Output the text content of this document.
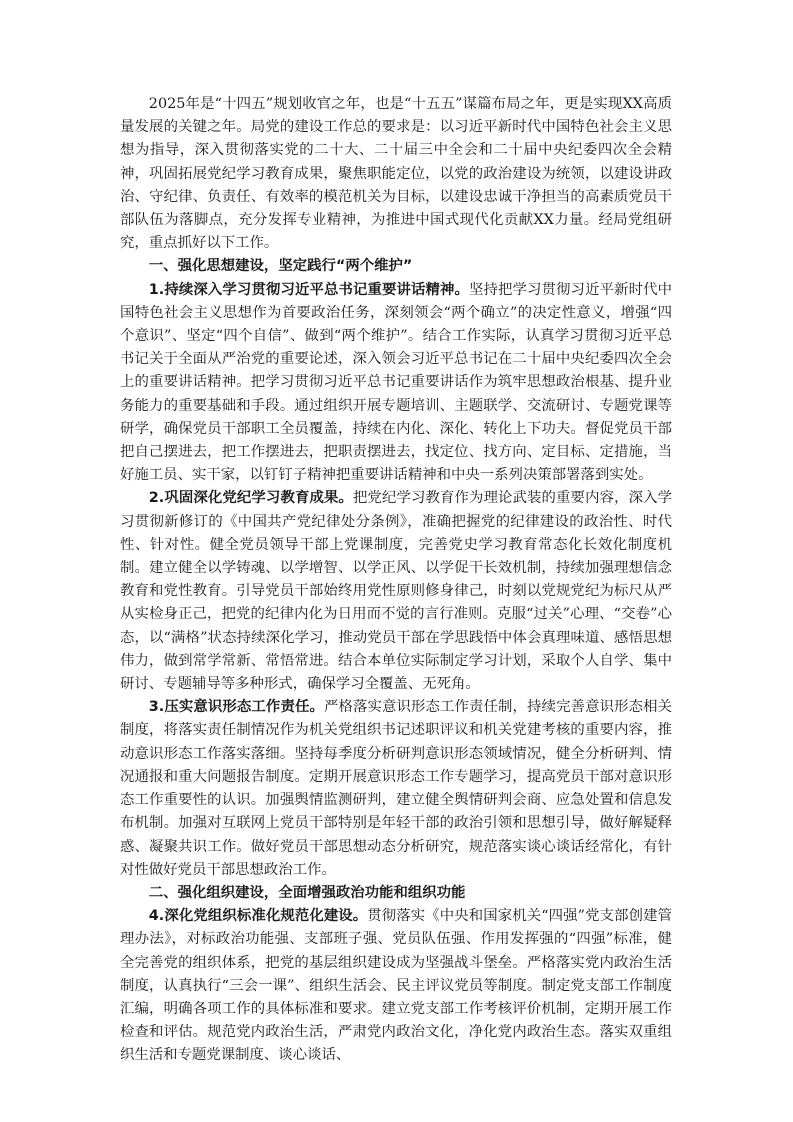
2025年是“十四五”规划收官之年，也是“十五五”谋篇布局之年，更是实现XX高质量发展的关键之年。局党的建设工作总的要求是：以习近平新时代中国特色社会主义思想为指导，深入贯彻落实党的二十大、二十届三中全会和二十届中央纪委四次全会精神，巩固拓展党纪学习教育成果，聚焦职能定位，以党的政治建设为统领，以建设讲政治、守纪律、负责任、有效率的模范机关为目标，以建设忠诚干净担当的高素质党员干部队伍为落脚点，充分发挥专业精神，为推进中国式现代化贡献XX力量。经局党组研究，重点抓好以下工作。

一、强化思想建设，坚定践行“两个维护”

1.持续深入学习贯彻习近平总书记重要讲话精神。坚持把学习贯彻习近平新时代中国特色社会主义思想作为首要政治任务，深刻领会“两个确立”的决定性意义，增强“四个意识”、坚定“四个自信”、做到“两个维护”。结合工作实际，认真学习贯彻习近平总书记关于全面从严治党的重要论述，深入领会习近平总书记在二十届中央纪委四次全会上的重要讲话精神。把学习贯彻习近平总书记重要讲话作为筑牢思想政治根基、提升业务能力的重要基础和手段。通过组织开展专题培训、主题联学、交流研讨、专题党课等研学，确保党员干部职工全员覆盖，持续在内化、深化、转化上下功夫。督促党员干部把自己摆进去，把工作摆进去，把职责摆进去，找定位、找方向、定目标、定措施，当好施工员、实干家，以钉钉子精神把重要讲话精神和中央一系列决策部署落到实处。

2.巩固深化党纪学习教育成果。把党纪学习教育作为理论武装的重要内容，深入学习贯彻新修订的《中国共产党纪律处分条例》，准确把握党的纪律建设的政治性、时代性、针对性。健全党员领导干部上党课制度，完善党史学习教育常态化长效化制度机制。建立健全以学铸魂、以学增智、以学正风、以学促干长效机制，持续加强理想信念教育和党性教育。引导党员干部始终用党性原则修身律己，时刻以党规党纪为标尺从严从实检身正己，把党的纪律内化为日用而不觉的言行准则。克服“过关”心理、“交卷”心态，以“满格”状态持续深化学习，推动党员干部在学思践悟中体会真理味道、感悟思想伟力，做到常学常新、常悟常进。结合本单位实际制定学习计划，采取个人自学、集中研讨、专题辅导等多种形式，确保学习全覆盖、无死角。

3.压实意识形态工作责任。严格落实意识形态工作责任制，持续完善意识形态相关制度，将落实责任制情况作为机关党组织书记述职评议和机关党建考核的重要内容，推动意识形态工作落实落细。坚持每季度分析研判意识形态领域情况，健全分析研判、情况通报和重大问题报告制度。定期开展意识形态工作专题学习，提高党员干部对意识形态工作重要性的认识。加强舆情监测研判，建立健全舆情研判会商、应急处置和信息发布机制。加强对互联网上党员干部特别是年轻干部的政治引领和思想引导，做好解疑释惑、凝聚共识工作。做好党员干部思想动态分析研究，规范落实谈心谈话经常化，有针对性做好党员干部思想政治工作。

二、强化组织建设，全面增强政治功能和组织功能

4.深化党组织标准化规范化建设。贯彻落实《中央和国家机关“四强”党支部创建管理办法》，对标政治功能强、支部班子强、党员队伍强、作用发挥强的“四强”标准，健全完善党的组织体系，把党的基层组织建设成为坚强战斗堡垒。严格落实党内政治生活制度，认真执行“三会一课”、组织生活会、民主评议党员等制度。制定党支部工作制度汇编，明确各项工作的具体标准和要求。建立党支部工作考核评价机制，定期开展工作检查和评估。规范党内政治生活，严肃党内政治文化，净化党内政治生态。落实双重组织生活和专题党课制度、谈心谈话、
